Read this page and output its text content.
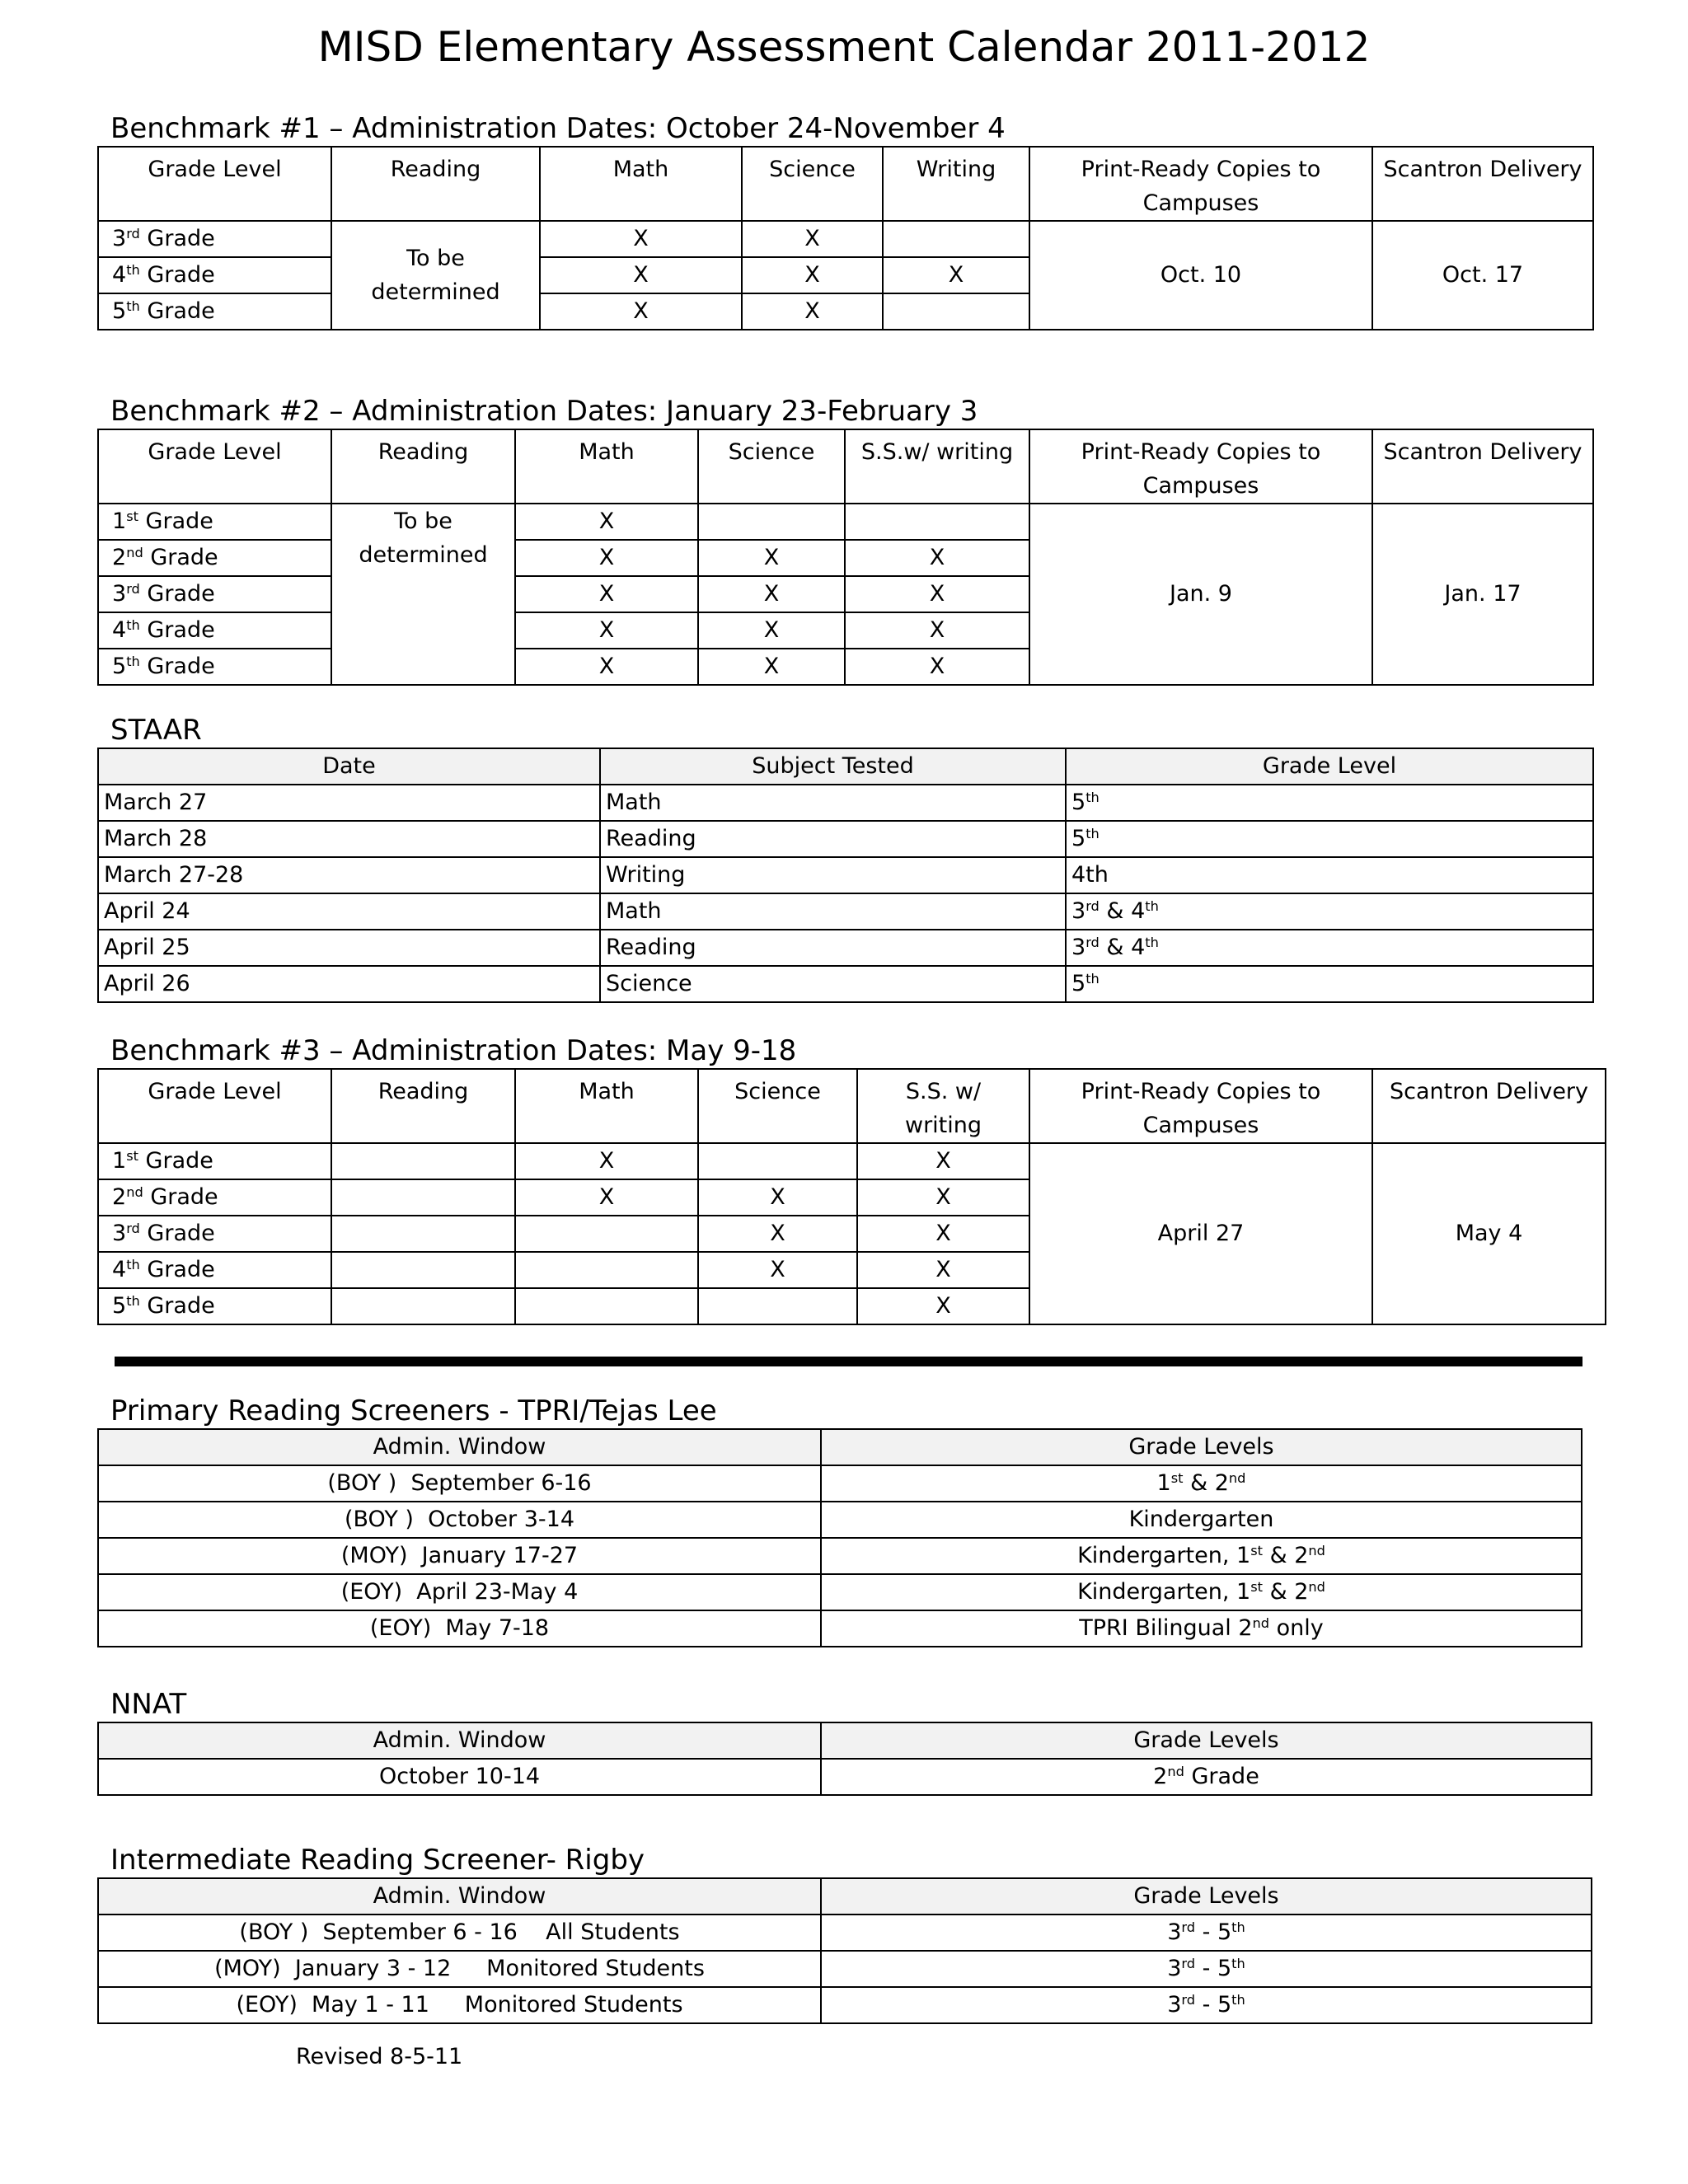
MISD Elementary Assessment Calendar 2011-2012
Benchmark #1 – Administration Dates: October 24-November 4
Grade Level	Reading	Math	Science	Writing	Print-Ready Copies to Campuses	Scantron Delivery
3rd Grade	To be determined	X	X		Oct. 10	Oct. 17
4th Grade		X	X	X		
5th Grade		X	X			
Benchmark #2 – Administration Dates: January 23-February 3
Grade Level	Reading	Math	Science	S.S.w/ writing	Print-Ready Copies to Campuses	Scantron Delivery
1st Grade	To be determined	X			Jan. 9	Jan. 17
2nd Grade		X	X	X		
3rd Grade		X	X	X		
4th Grade		X	X	X		
5th Grade		X	X	X		
STAAR
Date	Subject Tested	Grade Level
March 27	Math	5th
March 28	Reading	5th
March 27-28	Writing	4th
April 24	Math	3rd & 4th
April 25	Reading	3rd & 4th
April 26	Science	5th
Benchmark #3 – Administration Dates: May 9-18
Grade Level	Reading	Math	Science	S.S. w/ writing	Print-Ready Copies to Campuses	Scantron Delivery
1st Grade		X		X	April 27	May 4
2nd Grade		X	X	X		
3rd Grade			X	X		
4th Grade			X	X		
5th Grade				X		
Primary Reading Screeners - TPRI/Tejas Lee
Admin. Window	Grade Levels
(BOY )  September 6-16	1st & 2nd
(BOY )  October 3-14	Kindergarten
(MOY)  January 17-27	Kindergarten, 1st & 2nd
(EOY)  April 23-May 4	Kindergarten, 1st & 2nd
(EOY)  May 7-18	TPRI Bilingual 2nd only
NNAT
Admin. Window	Grade Levels
October 10-14	2nd Grade
Intermediate Reading Screener- Rigby
Admin. Window	Grade Levels
(BOY )  September 6 - 16    All Students	3rd - 5th
(MOY)  January 3 - 12     Monitored Students	3rd - 5th
(EOY)  May 1 - 11     Monitored Students	3rd - 5th
Revised 8-5-11
